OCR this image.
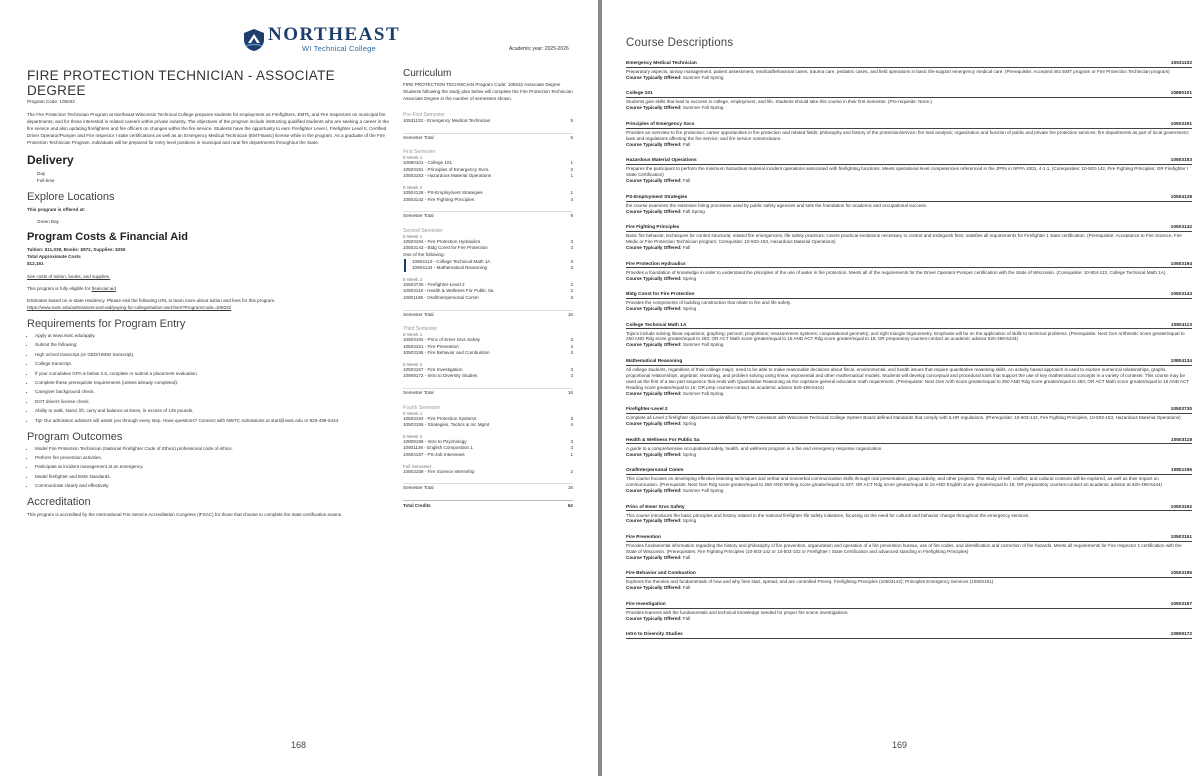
NORTHEAST
WI Technical College	Academic year: 2025-2026
FIRE PROTECTION TECHNICIAN - ASSOCIATE DEGREE
Program Code: 105032

The Fire Protection Technician Program at Northeast Wisconsin Technical College prepares students for employment as Firefighters, EMTs, and Fire Inspectors on municipal fire departments, and for those interested in related careers within private industry. The objectives of the program include instructing qualified students who are seeking a career in the fire service and also updating firefighters and fire officers on changes within the fire service. Students have the opportunity to earn Firefighter Level I, Firefighter Level II, Certified Driver Operator/Pumper and Fire Inspector I state certifications as well as an Emergency Medical Technician (EMT-Basic) license while in the program. As a graduate of the Fire Protection Technician Program, individuals will be prepared for entry level positions in municipal and rural fire departments throughout the State.

Delivery
Day
Full-time
Explore Locations
This program is offered at:
Green Bay
Program Costs & Financial Aid
Tuition: $11,039, Books: $872, Supplies: $250
Total Approximate Costs
$12,161
See costs of tuition, books, and supplies.
This program is fully eligible for financial aid
Estimates based on in-state residency. Please visit the following URL to learn more about tuition and fees for this program.
https://www.nwtc.edu/admissions-and-aid/paying-for-college/tuition-and-fees?ProgramCode=105032
Requirements for Program Entry
• Apply at www.nwtc.edu/apply.
• Submit the following:
• High school transcript (or GED/HSED transcript).
• College transcript.
• If your cumulative GPA is below 2.6, complete or submit a placement evaluation.
• Complete these prerequisite requirements (unless already completed):
• Caregiver background check.
• DOT drivers license check.
• Ability to walk, stand, lift, carry and balance at times, in excess of 125 pounds.
• Tip! Our admission advisors will assist you through every step. Have questions? Connect with NWTC Admissions at start@nwtc.edu or 920-498-5444.
Program Outcomes
• Model Fire Protection Technician (National Firefighter Code of Ethics) professional code of ethics.
• Perform fire prevention activities.
• Participate at incident management at an emergency.
• Model firefighter and EMS standards.
• Communicate clearly and effectively.
Accreditation

This program is accredited by the International Fire Service Accreditation Congress (IFSAC) for those that choose to complete the state certification exams.

Curriculum

FIRE PROTECTION TECHNICIAN Program Code: 105032 Associate Degree Students following the study plan below will complete the Fire Protection Technician Associate Degree in the number of semesters shown.

Pre-First Semester
10531102 - Emergency Medical Technician	5
Semester Total	5
First Semester
8 Week 1
10890101 - College 101	1
10503191 - Principles of Emergency Svcs.	2
10503153 - Hazardous Material Operations	1
8 Week 2
10504128 - PS-Employment Strategies	1
10503142 - Fire Fighting Principles	4
Semester Total	9
Second Semester
8 Week 1
10503194 - Fire Protection Hydraulics	3
10503143 - Bldg Const for Fire Protection	3
One of the following:
10804113 - College Technical Math 1A	3
10804134 - Mathematical Reasoning	3
8 Week 2
10503730 - Firefighter-Level 2	2
10503118 - Health & Wellness For Public Sa	2
10801196 - Oral/Interpersonal Comm	3
Semester Total	16
Third Semester
8 Week 1
10503192 - Princ of Emer Srvs Safety	3
10503151 - Fire Prevention	4
10503195 - Fire Behavior and Combustion	3
8 Week 2
10503157 - Fire Investigation	3
10809172 - Intro to Diversity Studies	3
Semester Total	16
Fourth Semester
8 Week 1
10503193 - Fire Protection Systems	3
10503155 - Strategies, Tactics & Inc Mgmt	4
8 Week 2
10809198 - Intro to Psychology	3
10801136 - English Composition 1	3
10504197 - PS-Job Interviews	1
Full Semester
10503159 - Fire Science Internship	2
Semester Total	16
Total Credits	62
168
Course Descriptions
Emergency Medical Technician	10531102
Preparatory aspects, airway management, patient assessment, medical/behavioral cases, trauma care, pediatric cases, and field operations in basic life-support emergency medical care. (Prerequisite: Accepted into EMT program or Fire Protection Technician program)
Course Typically Offered: Summer Fall Spring
College 101	10890101
Students gain skills that lead to success in college, employment, and life. Students should take this course in their first semester. (Pre-requisite: None.)
Course Typically Offered: Summer Fall Spring
Principles of Emergency Svcs	10503191
Provides an overview to fire protection; career opportunities in fire protection and related fields; philosophy and history of the protection/service; fire loss analysis; organization and function of public and private fire protection services; fire departments as part of local government; laws and regulations affecting the fire service; and fire service nomenclature.
Course Typically Offered: Fall
Hazardous Material Operations	10503153
Prepares the participant to perform the minimum hazardous material incident operations associated with firefighting functions. Meets operational level competencies referenced in the JPRs in NFPA 1001, 4-1.1. (Corequisites: 10-503-142, Fire Fighting Principles; OR Firefighter I State Certification)
Course Typically Offered: Fall
PS-Employment Strategies	10504128
the course examines the extensive hiring processes used by public safety agencies and sets the foundation for academic and occupational success.
Course Typically Offered: Fall Spring
Fire Fighting Principles	10503142
Basic fire behavior, techniques for control structural, related fire emergencies, life safety practices; covers practical evolutions necessary to control and extinguish fires; satisfies all requirements for Firefighter 1 state certification. (Prerequisite: Acceptance to Fire Science, Fire Medic or Fire Protection Technician program; Corequisite: 10-503-153, Hazardous Material Operations)
Course Typically Offered: Fall
Fire Protection Hydraulics	10503194
Provides a foundation of knowledge in order to understand the principles of the use of water in fire protection. Meets all of the requirements for the Driver Operator-Pumper certification with the State of Wisconsin. (Corequisite: 10-804-113, College Technical Math 1A)
Course Typically Offered: Spring
Bldg Const for Fire Protection	10503143
Provides the components of building construction that relate to fire and life safety.
Course Typically Offered: Spring
College Technical Math 1A	10804113
Topics include solving linear equations; graphing; percent; proportions; measurement systems; computational geometry; and right triangle trigonometry. Emphasis will be on the application of skills to technical problems. (Prerequisite: Next Gen Arithmetic score greater/equal to 250 AND Rdg score greater/equal to 250; OR ACT Math score greater/equal to 15 AND ACT Rdg score greater/equal to 16; OR preparatory courses-contact an academic advisor 920-498-5444)
Course Typically Offered: Summer Fall Spring
Mathematical Reasoning	10804134
All college students, regardless of their college major, need to be able to make reasonable decisions about fiscal, environmental, and health issues that require quantitative reasoning skills. An activity based approach is used to explore numerical relationships, graphs, proportional relationships, algebraic reasoning, and problem solving using linear, exponential and other mathematical models. Students will develop conceptual and procedural tools that support the use of key mathematical concepts in a variety of contexts. This course may be used as the first of a two part sequence that ends with Quantitative Reasoning as the capstone general education math requirement. (Prerequisite: Next Gen Arith score greater/equal to 250 AND Rdg score greater/equal to 250; OR ACT Math score greater/equal to 15 AND ACT Reading score greater/equal to 16; OR prep courses-contact an academic advisor 920-498-5444)
Course Typically Offered: Summer Fall Spring
Firefighter-Level 2	10503730
Complete all Level 2 firefighter objectives as identified by NFPA consistent with Wisconsin Technical College System Board defined standards that comply with ILHR regulations. (Prerequisite: 10-503-142, Fire Fighting Principles, 10-503-153, Hazardous Material Operations)
Course Typically Offered: Spring
Health & Wellness For Public Sa	10503118
A guide to a comprehensive occupational safety, health, and wellness program in a fire and emergency response organization.
Course Typically Offered: Spring
Oral/Interpersonal Comm	10801196
This course focuses on developing effective listening techniques and verbal and nonverbal communication skills through oral presentation, group activity, and other projects. The study of self, conflict, and cultural contexts will be explored, as well as their impact on communication. (Prerequisite: Next Gen Rdg score greater/equal to 250 AND Writing score greater/equal to 237; OR ACT Rdg score greater/equal to 16 AND English score greater/equal to 16; OR preparatory courses-contact an academic advisor at 920-498-5444)
Course Typically Offered: Summer Fall Spring
Princ of Emer Srvs Safety	10503192
This course introduces the basic principles and history related to the national firefighter life safety initiatives, focusing on the need for cultural and behavior change throughout the emergency services.
Course Typically Offered: Spring
Fire Prevention	10503151
Provides fundamental information regarding the history and philosophy of fire prevention, organization and operation of a fire prevention bureau, use of fire codes, and identification and correction of fire hazards. Meets all requirements for Fire Inspector 1 certification with the State of Wisconsin. (Prerequisites: Fire Fighting Principles (10-503-142 or 10-503-102 or Firefighter I State Certification and advanced standing in Firefighting Principles)
Course Typically Offered: Fall
Fire Behavior and Combustion	10503195
Explores the theories and fundamentals of how and why fires start, spread, and are controlled Prereq: Firefighting Principles (10503142); Principles Emergency Services (10503191)
Course Typically Offered: Fall
Fire Investigation	10503157
Provides learners with the fundamentals and technical knowledge needed for proper fire scene investigations.
Course Typically Offered: Fall
Intro to Diversity Studies	10809172
169
